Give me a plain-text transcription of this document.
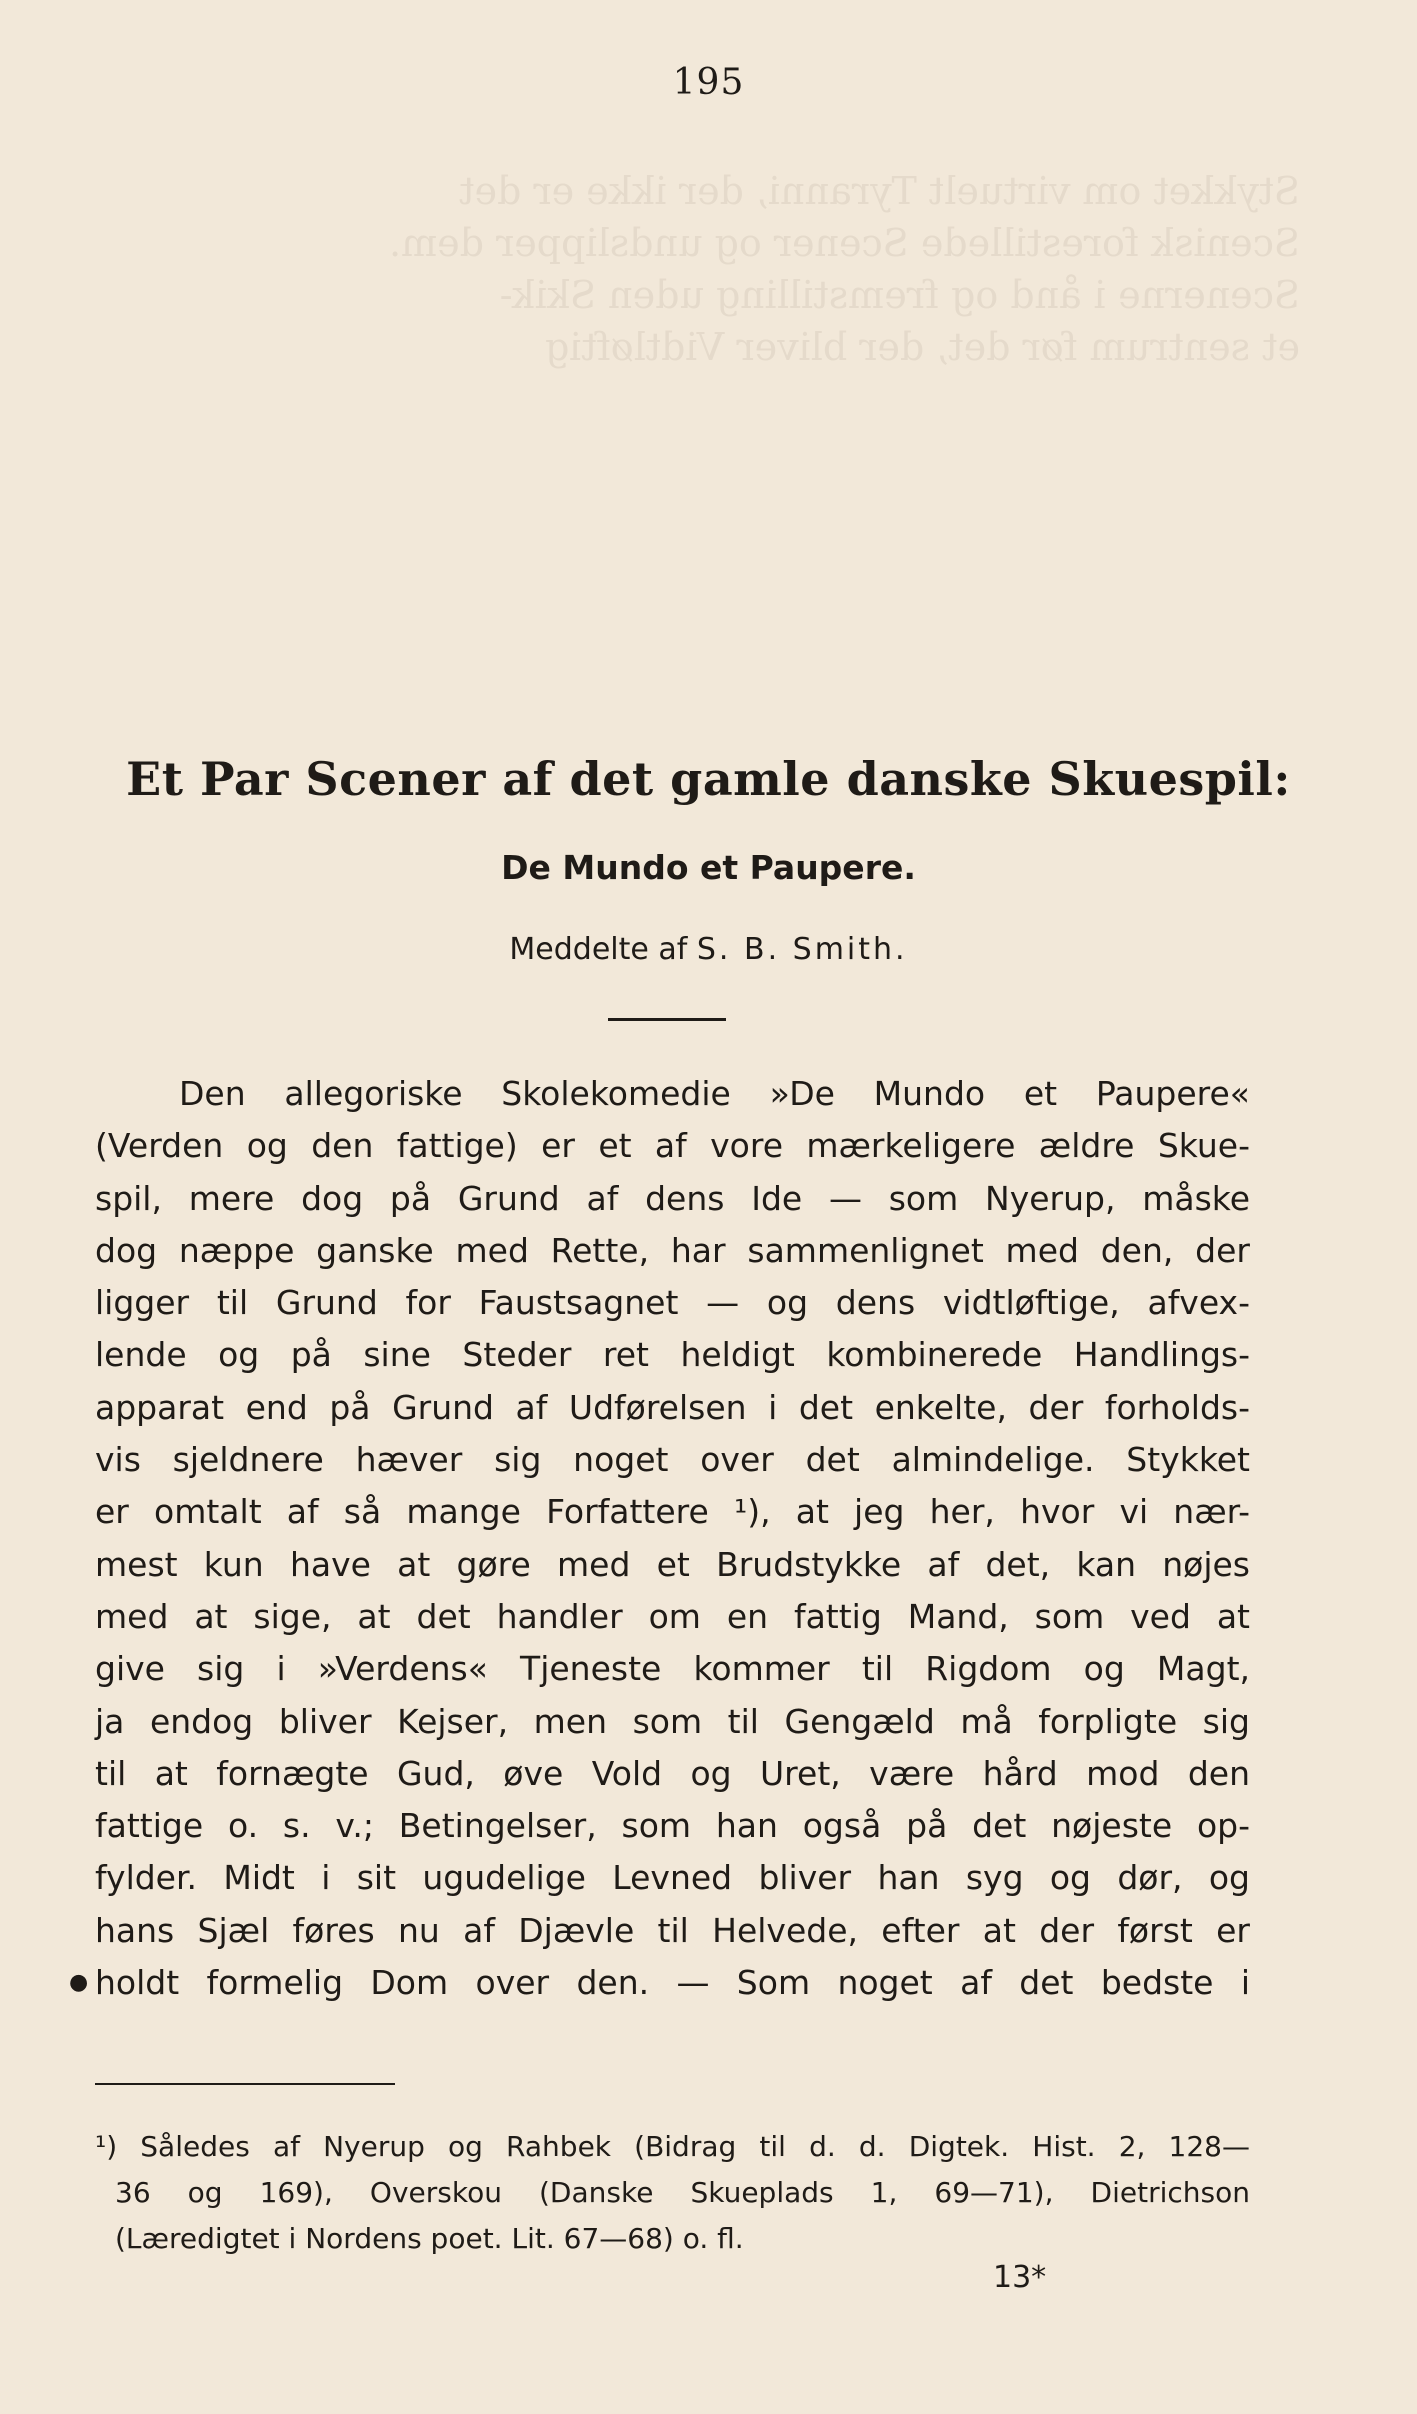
Stykket om virtuelt Tyranni, der ikke er det
Scenisk forestillede Scener og undslipper dem.
Scenerne i ånd og fremstilling uden Skik-
et sentrum før det, der bliver Vidtløftig
195
Et Par Scener af det gamle danske Skuespil:
De Mundo et Paupere.
Meddelte af S. B. Smith.
Den allegoriske Skolekomedie »De Mundo et Paupere«
(Verden og den fattige) er et af vore mærkeligere ældre Skue-
spil, mere dog på Grund af dens Ide — som Nyerup, måske
dog næppe ganske med Rette, har sammenlignet med den, der
ligger til Grund for Faustsagnet — og dens vidtløftige, afvex-
lende og på sine Steder ret heldigt kombinerede Handlings-
apparat end på Grund af Udførelsen i det enkelte, der forholds-
vis sjeldnere hæver sig noget over det almindelige. Stykket
er omtalt af så mange Forfattere ¹), at jeg her, hvor vi nær-
mest kun have at gøre med et Brudstykke af det, kan nøjes
med at sige, at det handler om en fattig Mand, som ved at
give sig i »Verdens« Tjeneste kommer til Rigdom og Magt,
ja endog bliver Kejser, men som til Gengæld må forpligte sig
til at fornægte Gud, øve Vold og Uret, være hård mod den
fattige o. s. v.; Betingelser, som han også på det nøjeste op-
fylder. Midt i sit ugudelige Levned bliver han syg og dør, og
hans Sjæl føres nu af Djævle til Helvede, efter at der først er
● holdt formelig Dom over den. — Som noget af det bedste i
¹) Således af Nyerup og Rahbek (Bidrag til d. d. Digtek. Hist. 2, 128—
36 og 169), Overskou (Danske Skueplads 1, 69—71), Dietrichson
(Læredigtet i Nordens poet. Lit. 67—68) o. fl.
13*
